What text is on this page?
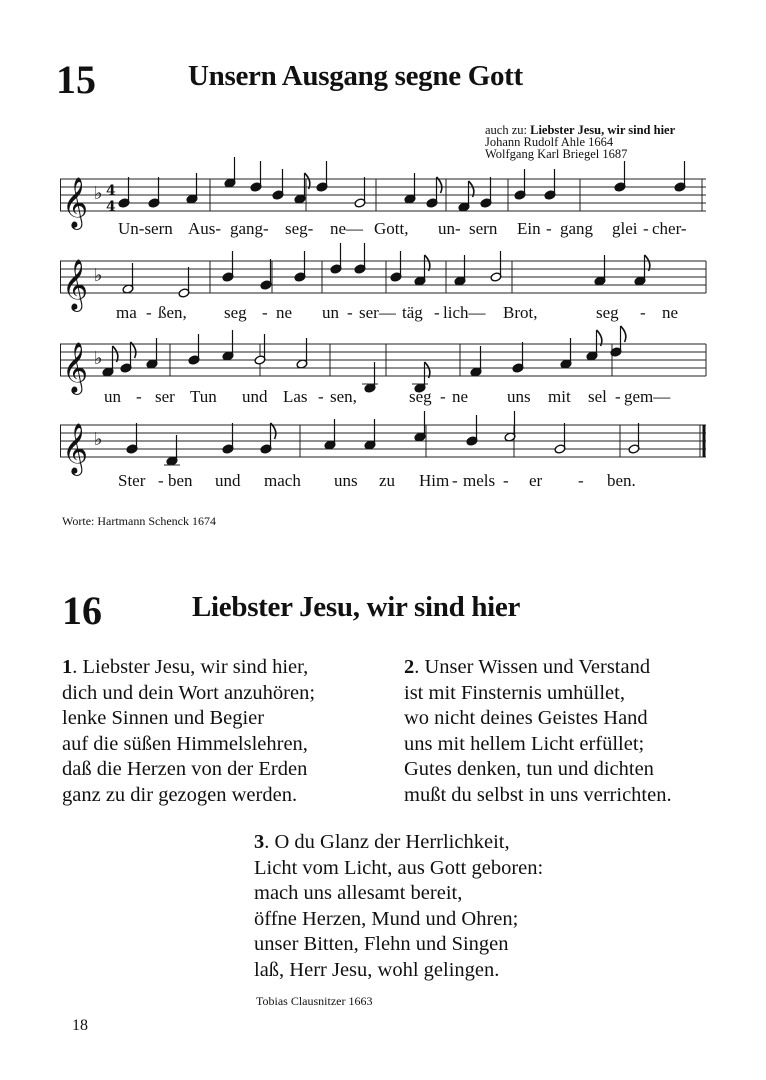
15	Unsern Ausgang segne Gott
auch zu: Liebster Jesu, wir sind hier
Johann Rudolf Ahle 1664
Wolfgang Karl Briegel 1687
𝄞 ♭ 4
4
𝄞 ♭
𝄞 ♭
𝄞 ♭
Un-sern Aus- gang- seg- ne— Gott, un- sern Ein - gang glei - cher-
ma - ßen, seg - ne un - ser— täg - lich— Brot,	seg - ne
un - ser Tun und Las - sen,	seg - ne uns mit sel - gem—
Ster - ben und mach uns zu Him - mels - er - ben.
Worte: Hartmann Schenck 1674
16	Liebster Jesu, wir sind hier
1. Liebster Jesu, wir sind hier,
dich und dein Wort anzuhören;
lenke Sinnen und Begier
auf die süßen Himmelslehren,
daß die Herzen von der Erden
ganz zu dir gezogen werden.
2. Unser Wissen und Verstand
ist mit Finsternis umhüllet,
wo nicht deines Geistes Hand
uns mit hellem Licht erfüllet;
Gutes denken, tun und dichten
mußt du selbst in uns verrichten.
3. O du Glanz der Herrlichkeit,
Licht vom Licht, aus Gott geboren:
mach uns allesamt bereit,
öffne Herzen, Mund und Ohren;
unser Bitten, Flehn und Singen
laß, Herr Jesu, wohl gelingen.
Tobias Clausnitzer 1663
18
